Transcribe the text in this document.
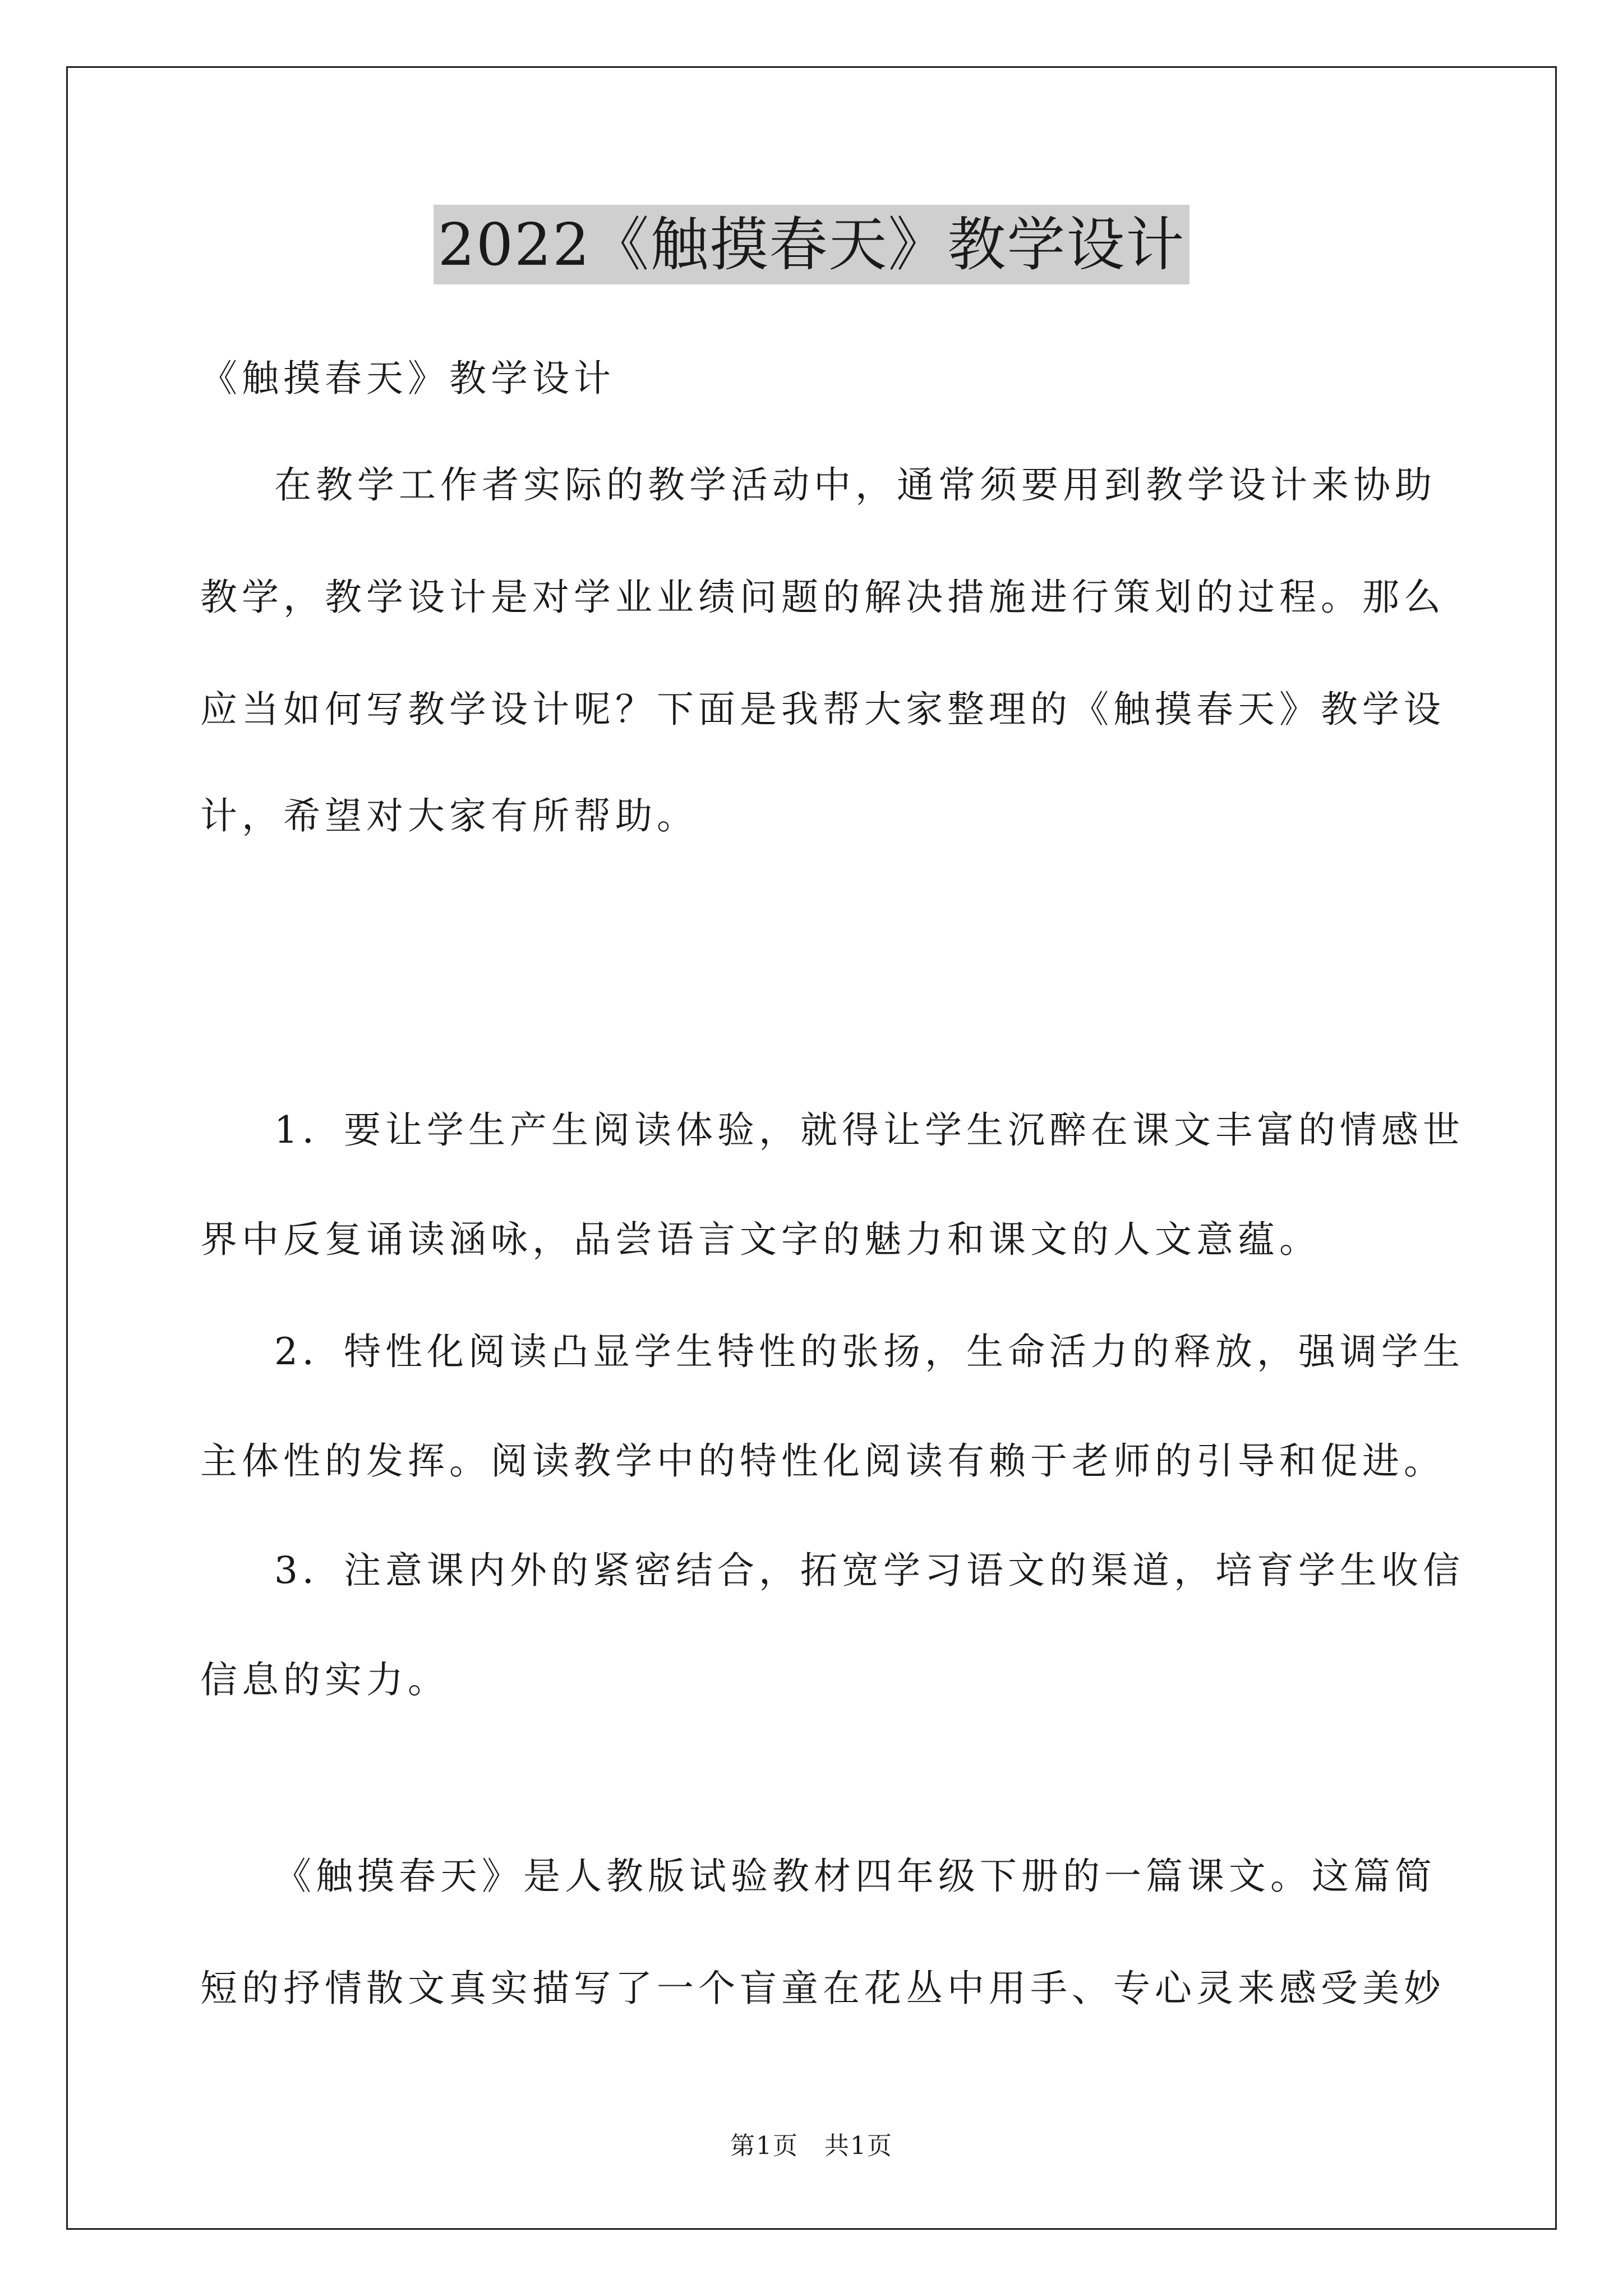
2022《触摸春天》教学设计
《触摸春天》教学设计
在教学工作者实际的教学活动中，通常须要用到教学设计来协助
教学，教学设计是对学业业绩问题的解决措施进行策划的过程。那么
应当如何写教学设计呢？下面是我帮大家整理的《触摸春天》教学设
计，希望对大家有所帮助。
1．要让学生产生阅读体验，就得让学生沉醉在课文丰富的情感世
界中反复诵读涵咏，品尝语言文字的魅力和课文的人文意蕴。
2．特性化阅读凸显学生特性的张扬，生命活力的释放，强调学生
主体性的发挥。阅读教学中的特性化阅读有赖于老师的引导和促进。
3．注意课内外的紧密结合，拓宽学习语文的渠道，培育学生收信
信息的实力。
《触摸春天》是人教版试验教材四年级下册的一篇课文。这篇简
短的抒情散文真实描写了一个盲童在花丛中用手、专心灵来感受美妙
第1页　共1页
